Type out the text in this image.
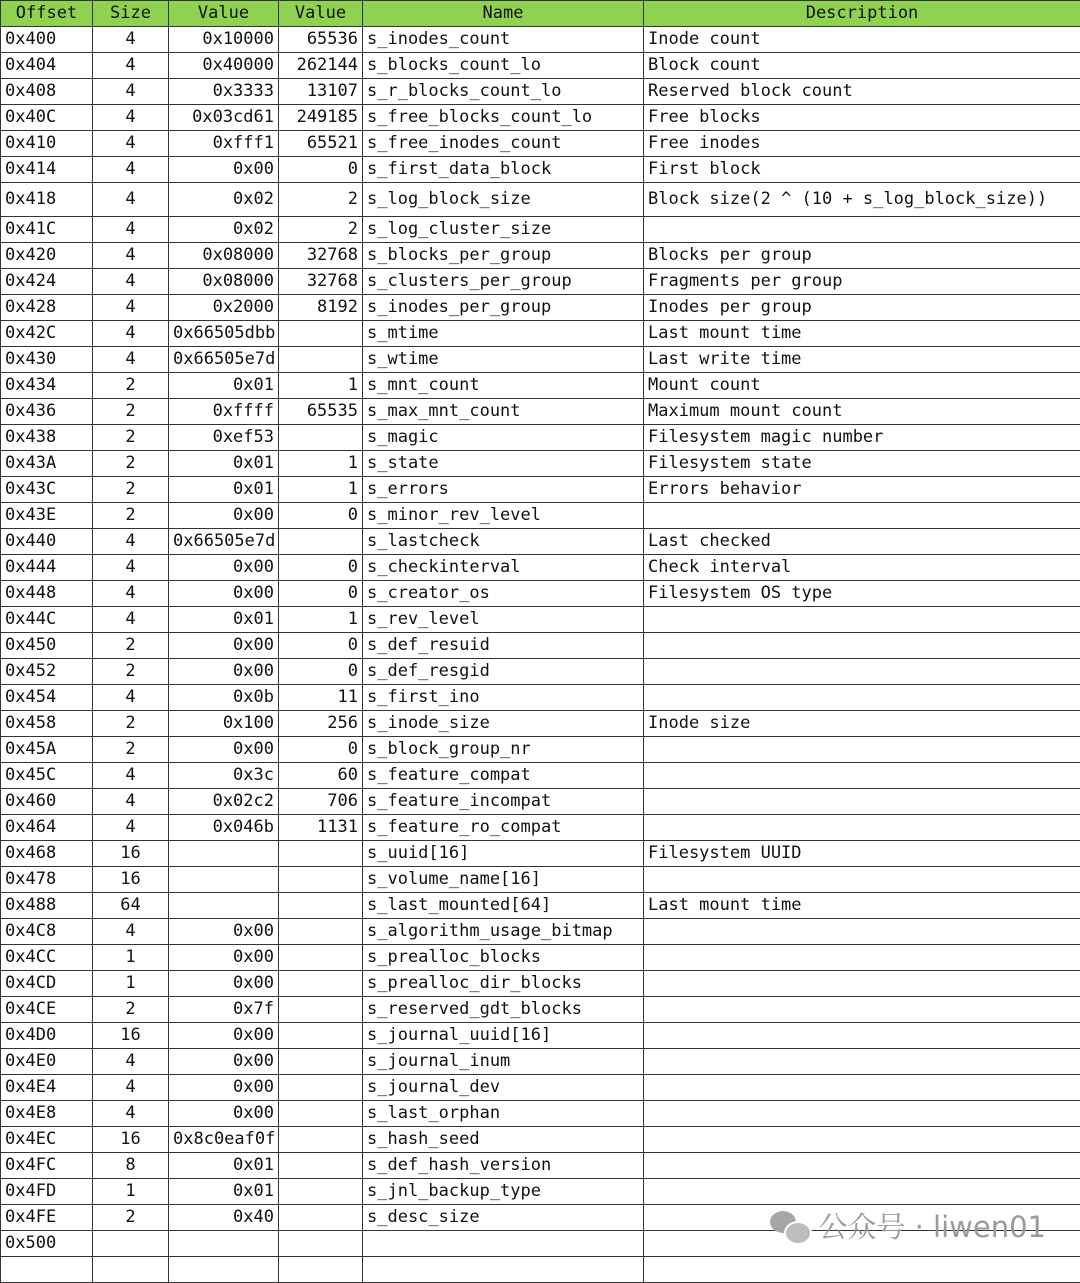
Offset	Size	Value	Value	Name	Description
0x400	4	0x10000	65536	s_inodes_count	Inode count
0x404	4	0x40000	262144	s_blocks_count_lo	Block count
0x408	4	0x3333	13107	s_r_blocks_count_lo	Reserved block count
0x40C	4	0x03cd61	249185	s_free_blocks_count_lo	Free blocks
0x410	4	0xfff1	65521	s_free_inodes_count	Free inodes
0x414	4	0x00	0	s_first_data_block	First block
0x418	4	0x02	2	s_log_block_size	Block size(2 ^ (10 + s_log_block_size))
0x41C	4	0x02	2	s_log_cluster_size	
0x420	4	0x08000	32768	s_blocks_per_group	Blocks per group
0x424	4	0x08000	32768	s_clusters_per_group	Fragments per group
0x428	4	0x2000	8192	s_inodes_per_group	Inodes per group
0x42C	4	0x66505dbb		s_mtime	Last mount time
0x430	4	0x66505e7d		s_wtime	Last write time
0x434	2	0x01	1	s_mnt_count	Mount count
0x436	2	0xffff	65535	s_max_mnt_count	Maximum mount count
0x438	2	0xef53		s_magic	Filesystem magic number
0x43A	2	0x01	1	s_state	Filesystem state
0x43C	2	0x01	1	s_errors	Errors behavior
0x43E	2	0x00	0	s_minor_rev_level	
0x440	4	0x66505e7d		s_lastcheck	Last checked
0x444	4	0x00	0	s_checkinterval	Check interval
0x448	4	0x00	0	s_creator_os	Filesystem OS type
0x44C	4	0x01	1	s_rev_level	
0x450	2	0x00	0	s_def_resuid	
0x452	2	0x00	0	s_def_resgid	
0x454	4	0x0b	11	s_first_ino	
0x458	2	0x100	256	s_inode_size	Inode size
0x45A	2	0x00	0	s_block_group_nr	
0x45C	4	0x3c	60	s_feature_compat	
0x460	4	0x02c2	706	s_feature_incompat	
0x464	4	0x046b	1131	s_feature_ro_compat	
0x468	16			s_uuid[16]	Filesystem UUID
0x478	16			s_volume_name[16]	
0x488	64			s_last_mounted[64]	Last mount time
0x4C8	4	0x00		s_algorithm_usage_bitmap	
0x4CC	1	0x00		s_prealloc_blocks	
0x4CD	1	0x00		s_prealloc_dir_blocks	
0x4CE	2	0x7f		s_reserved_gdt_blocks	
0x4D0	16	0x00		s_journal_uuid[16]	
0x4E0	4	0x00		s_journal_inum	
0x4E4	4	0x00		s_journal_dev	
0x4E8	4	0x00		s_last_orphan	
0x4EC	16	0x8c0eaf0f		s_hash_seed	
0x4FC	8	0x01		s_def_hash_version	
0x4FD	1	0x01		s_jnl_backup_type	
0x4FE	2	0x40		s_desc_size	
0x500					
						公众号 · liwen01
